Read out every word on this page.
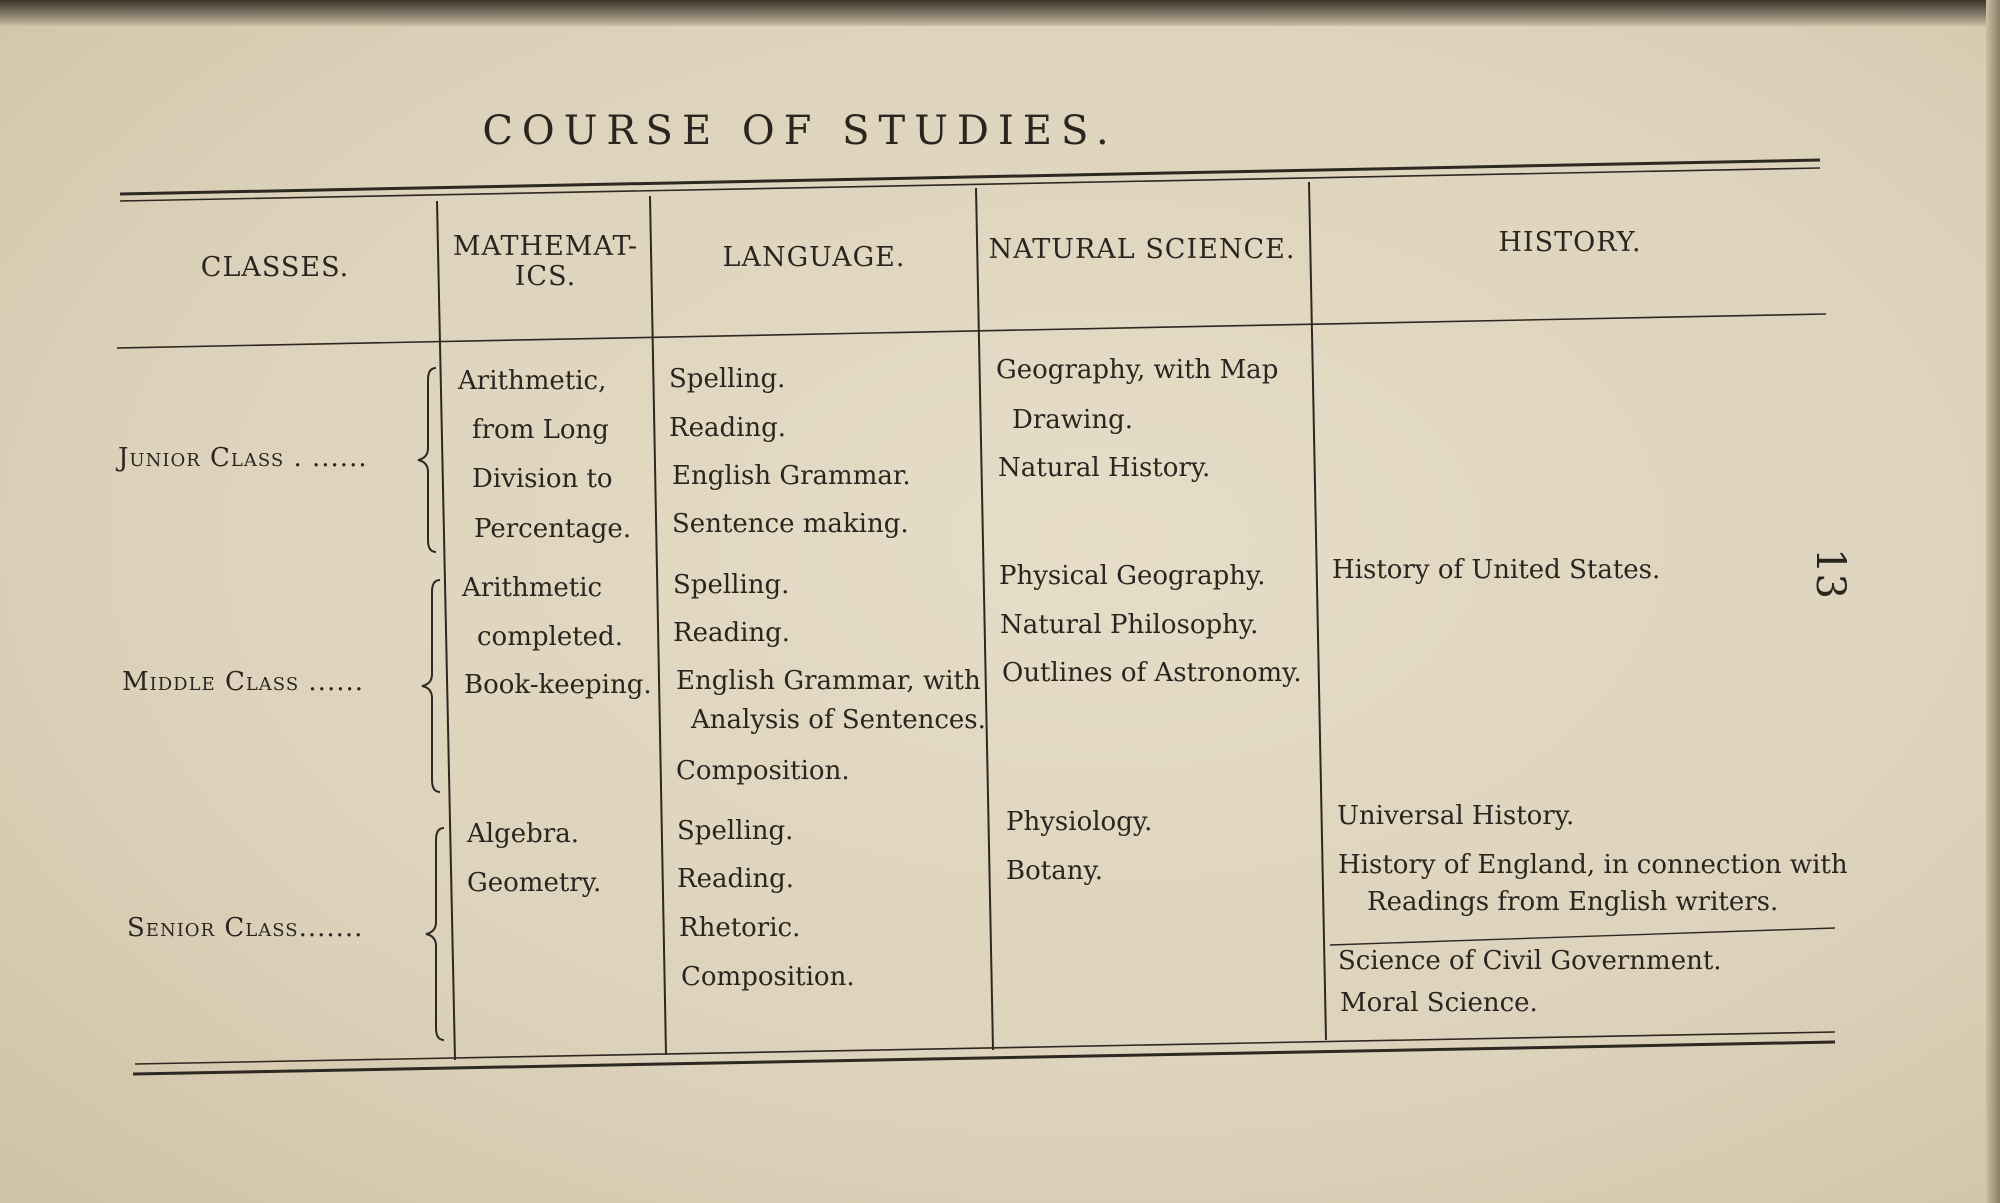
COURSE OF STUDIES.
CLASSES.
MATHEMAT-
ICS.
LANGUAGE.	NATURAL SCIENCE.	HISTORY.
Junior Class . ......
Middle Class ......
Senior Class.......
Arithmetic,
from Long
Division to
Percentage.
Spelling.
Reading.
English Grammar.
Sentence making.
Geography, with Map
Drawing.
Natural History.
Arithmetic
completed.
Book-keeping.
Spelling.
Reading.
English Grammar, with
Analysis of Sentences.
Composition.
Physical Geography.
Natural Philosophy.
Outlines of Astronomy.
History of United States.
Algebra.
Geometry.
Spelling.
Reading.
Rhetoric.
Composition.
Physiology.
Botany.
Universal History.
History of England, in connection with
Readings from English writers.
Science of Civil Government.
Moral Science.
13
